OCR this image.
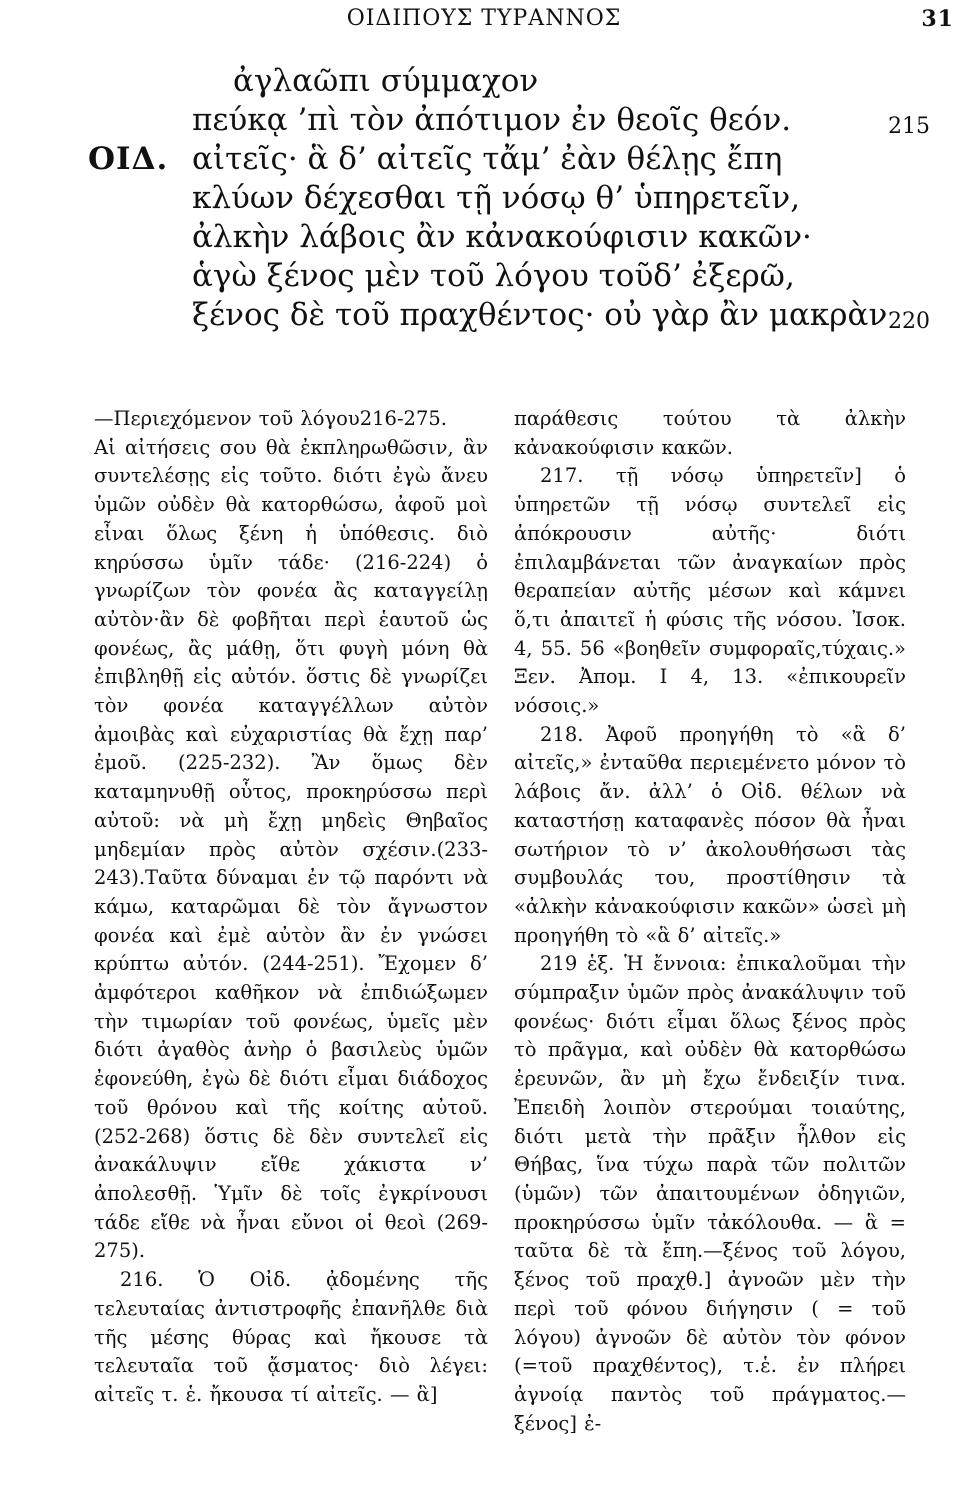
ΟΙΔΙΠΟΥΣ ΤΥΡΑΝΝΟΣ	31
ἀγλαῶπι σύμμαχον
πεύκᾳ ’πὶ τὸν ἀπότιμον ἐν θεοῖς θεόν.	215
ΟΙΔ. αἰτεῖς· ἃ δ’ αἰτεῖς τἄμ’ ἐὰν θέλῃς ἔπη
κλύων δέχεσθαι τῇ νόσῳ θ’ ὑπηρετεῖν,
ἀλκὴν λάβοις ἂν κἀνακούφισιν κακῶν·
ἁγὼ ξένος μὲν τοῦ λόγου τοῦδ’ ἐξερῶ,
ξένος δὲ τοῦ πραχθέντος· οὐ γὰρ ἂν μακρὰν 220

—Περιεχόμενον τοῦ λόγου216-275.

Αἱ αἰτήσεις σου θὰ ἐκπληρωθῶσιν, ἂν συντελέσῃς εἰς τοῦτο. διότι ἐγὼ ἄνευ ὑμῶν οὐδὲν θὰ κατορθώσω, ἀφοῦ μοὶ εἶναι ὅλως ξένη ἡ ὑπόθεσις. διὸ κηρύσσω ὑμῖν τάδε· (216-224) ὁ γνωρίζων τὸν φονέα ἂς καταγγείλῃ αὐτὸν·ἂν δὲ φοβῆται περὶ ἑαυτοῦ ὡς φονέως, ἂς μάθῃ, ὅτι φυγὴ μόνη θὰ ἐπιβληθῇ εἰς αὐτόν. ὅστις δὲ γνωρίζει τὸν φονέα καταγγέλλων αὐτὸν ἀμοιβὰς καὶ εὐχαριστίας θὰ ἔχῃ παρ’ ἐμοῦ. (225-232). Ἂν ὅμως δὲν καταμηνυθῇ οὗτος, προκηρύσσω περὶ αὐτοῦ: νὰ μὴ ἔχῃ μηδεὶς Θηβαῖος μηδεμίαν πρὸς αὐτὸν σχέσιν.(233-243).Ταῦτα δύναμαι ἐν τῷ παρόντι νὰ κάμω, καταρῶμαι δὲ τὸν ἄγνωστον φονέα καὶ ἐμὲ αὐτὸν ἂν ἐν γνώσει κρύπτω αὐτόν. (244-251). Ἔχομεν δ’ ἀμφότεροι καθῆκον νὰ ἐπιδιώξωμεν τὴν τιμωρίαν τοῦ φονέως, ὑμεῖς μὲν διότι ἀγαθὸς ἀνὴρ ὁ βασιλεὺς ὑμῶν ἐφονεύθη, ἐγὼ δὲ διότι εἶμαι διάδοχος τοῦ θρόνου καὶ τῆς κοίτης αὐτοῦ. (252-268) ὅστις δὲ δὲν συντελεῖ εἰς ἀνακάλυψιν εἴθε χάκιστα ν’ ἀπολεσθῇ. Ὑμῖν δὲ τοῖς ἐγκρίνουσι τάδε εἴθε νὰ ἦναι εὔνοι οἱ θεοὶ (269-275).

216. Ὁ Οἰδ. ᾀδομένης τῆς τελευταίας ἀντιστροφῆς ἐπανῆλθε διὰ τῆς μέσης θύρας καὶ ἤκουσε τὰ τελευταῖα τοῦ ᾄσματος· διὸ λέγει: αἰτεῖς τ. ἑ. ἤκουσα τί αἰτεῖς. — ἃ]

παράθεσις τούτου τὰ ἀλκὴν κἀνακούφισιν κακῶν.

217. τῇ νόσῳ ὑπηρετεῖν] ὁ ὑπηρετῶν τῇ νόσῳ συντελεῖ εἰς ἀπόκρουσιν αὐτῆς· διότι ἐπιλαμβάνεται τῶν ἀναγκαίων πρὸς θεραπείαν αὐτῆς μέσων καὶ κάμνει ὅ,τι ἀπαιτεῖ ἡ φύσις τῆς νόσου. Ἰσοκ. 4, 55. 56 «βοηθεῖν συμφοραῖς,τύχαις.» Ξεν. Ἀπομ. Ι 4, 13. «ἐπικουρεῖν νόσοις.»

218. Ἀφοῦ προηγήθη τὸ «ἃ δ’ αἰτεῖς,» ἐνταῦθα περιεμένετο μόνον τὸ λάβοις ἄν. ἀλλ’ ὁ Οἰδ. θέλων νὰ καταστήσῃ καταφανὲς πόσον θὰ ἦναι σωτήριον τὸ ν’ ἀκολουθήσωσι τὰς συμβουλάς του, προστίθησιν τὰ «ἀλκὴν κἀνακούφισιν κακῶν» ὡσεὶ μὴ προηγήθη τὸ «ἃ δ’ αἰτεῖς.»

219 ἑξ. Ἡ ἔννοια: ἐπικαλοῦμαι τὴν σύμπραξιν ὑμῶν πρὸς ἀνακάλυψιν τοῦ φονέως· διότι εἶμαι ὅλως ξένος πρὸς τὸ πρᾶγμα, καὶ οὐδὲν θὰ κατορθώσω ἐρευνῶν, ἂν μὴ ἔχω ἔνδειξίν τινα. Ἐπειδὴ λοιπὸν στερούμαι τοιαύτης, διότι μετὰ τὴν πρᾶξιν ἦλθον εἰς Θήβας, ἵνα τύχω παρὰ τῶν πολιτῶν (ὑμῶν) τῶν ἀπαιτουμένων ὁδηγιῶν, προκηρύσσω ὑμῖν τἀκόλουθα. — ἃ = ταῦτα δὲ τὰ ἔπη.—ξένος τοῦ λόγου, ξένος τοῦ πραχθ.] ἀγνοῶν μὲν τὴν περὶ τοῦ φόνου διήγησιν ( = τοῦ λόγου) ἀγνοῶν δὲ αὐτὸν τὸν φόνον (=τοῦ πραχθέντος), τ.ἑ. ἐν πλήρει ἀγνοίᾳ παντὸς τοῦ πράγματος.—ξένος] ἐ-
